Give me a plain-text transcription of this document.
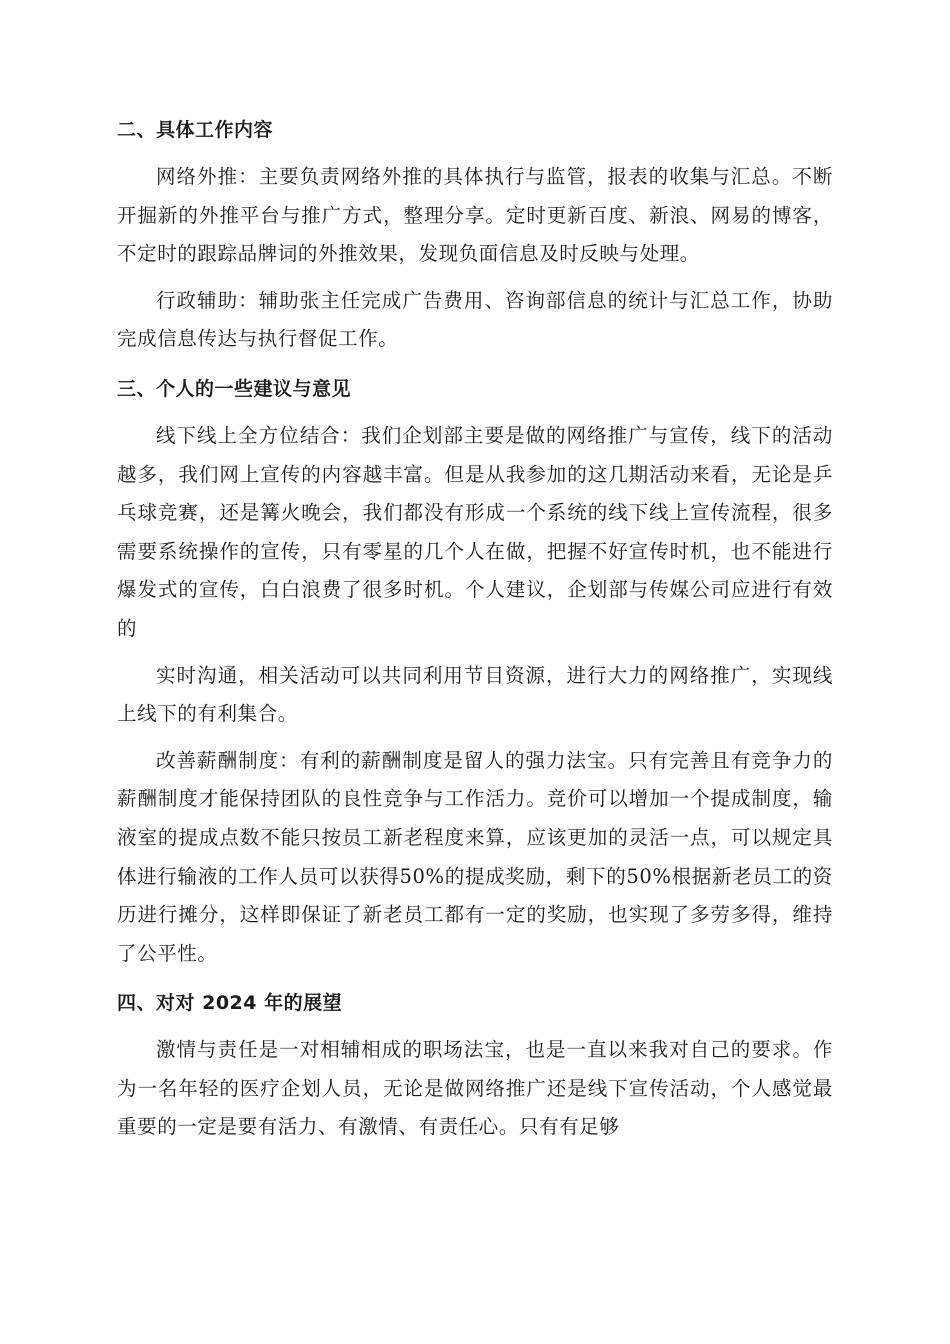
二、具体工作内容

网络外推：主要负责网络外推的具体执行与监管，报表的收集与汇总。不断开掘新的外推平台与推广方式，整理分享。定时更新百度、新浪、网易的博客，不定时的跟踪品牌词的外推效果，发现负面信息及时反映与处理。

行政辅助：辅助张主任完成广告费用、咨询部信息的统计与汇总工作，协助完成信息传达与执行督促工作。

三、个人的一些建议与意见

线下线上全方位结合：我们企划部主要是做的网络推广与宣传，线下的活动越多，我们网上宣传的内容越丰富。但是从我参加的这几期活动来看，无论是乒乓球竞赛，还是篝火晚会，我们都没有形成一个系统的线下线上宣传流程，很多需要系统操作的宣传，只有零星的几个人在做，把握不好宣传时机，也不能进行爆发式的宣传，白白浪费了很多时机。个人建议，企划部与传媒公司应进行有效的

实时沟通，相关活动可以共同利用节目资源，进行大力的网络推广，实现线上线下的有利集合。

改善薪酬制度：有利的薪酬制度是留人的强力法宝。只有完善且有竞争力的薪酬制度才能保持团队的良性竞争与工作活力。竞价可以增加一个提成制度，输液室的提成点数不能只按员工新老程度来算，应该更加的灵活一点，可以规定具体进行输液的工作人员可以获得50%的提成奖励，剩下的50%根据新老员工的资历进行摊分，这样即保证了新老员工都有一定的奖励，也实现了多劳多得，维持了公平性。

四、对对 2024 年的展望

激情与责任是一对相辅相成的职场法宝，也是一直以来我对自己的要求。作为一名年轻的医疗企划人员，无论是做网络推广还是线下宣传活动，个人感觉最重要的一定是要有活力、有激情、有责任心。只有有足够
